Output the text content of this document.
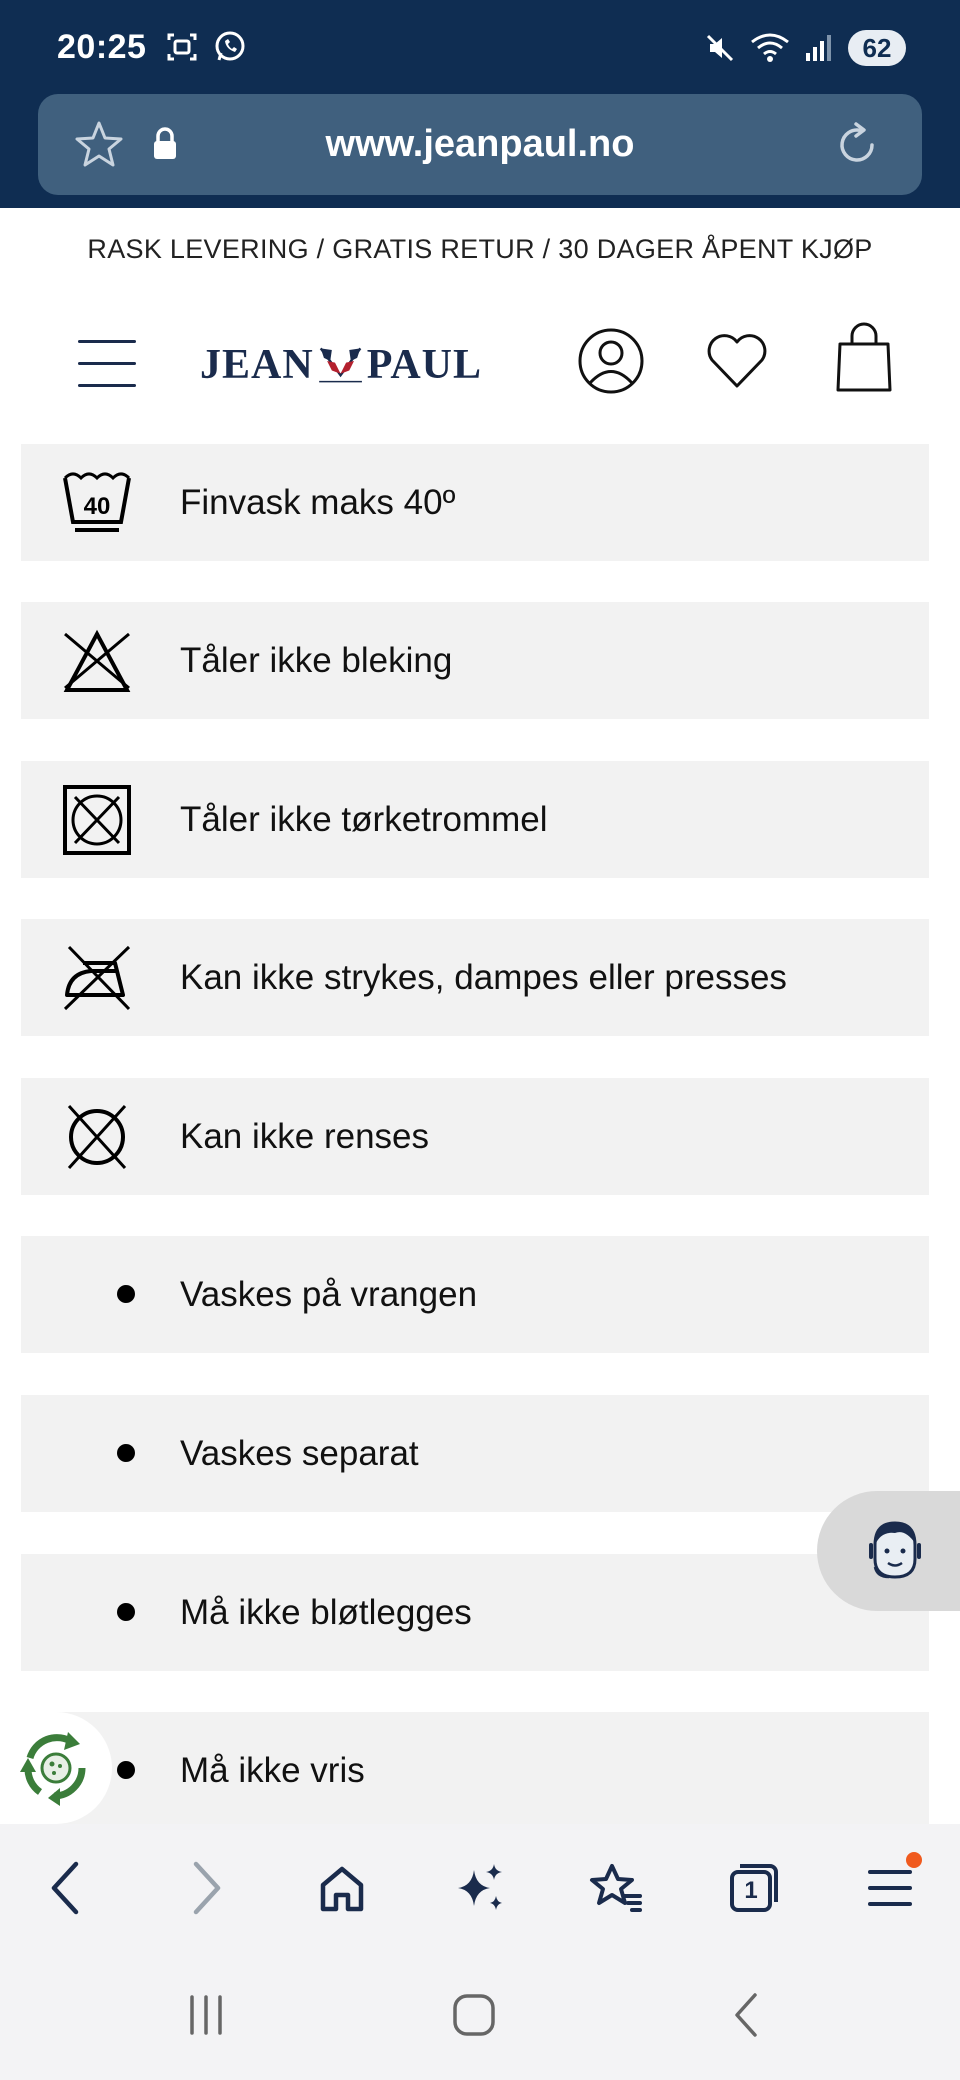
20:25	62
www.jeanpaul.no
RASK LEVERING / GRATIS RETUR / 30 DAGER ÅPENT KJØP
JEAN PAUL
40 Finvask maks 40º
Tåler ikke bleking
Tåler ikke tørketrommel
Kan ikke strykes, dampes eller presses
Kan ikke renses
Vaskes på vrangen
Vaskes separat
Må ikke bløtlegges
Må ikke vris
1
